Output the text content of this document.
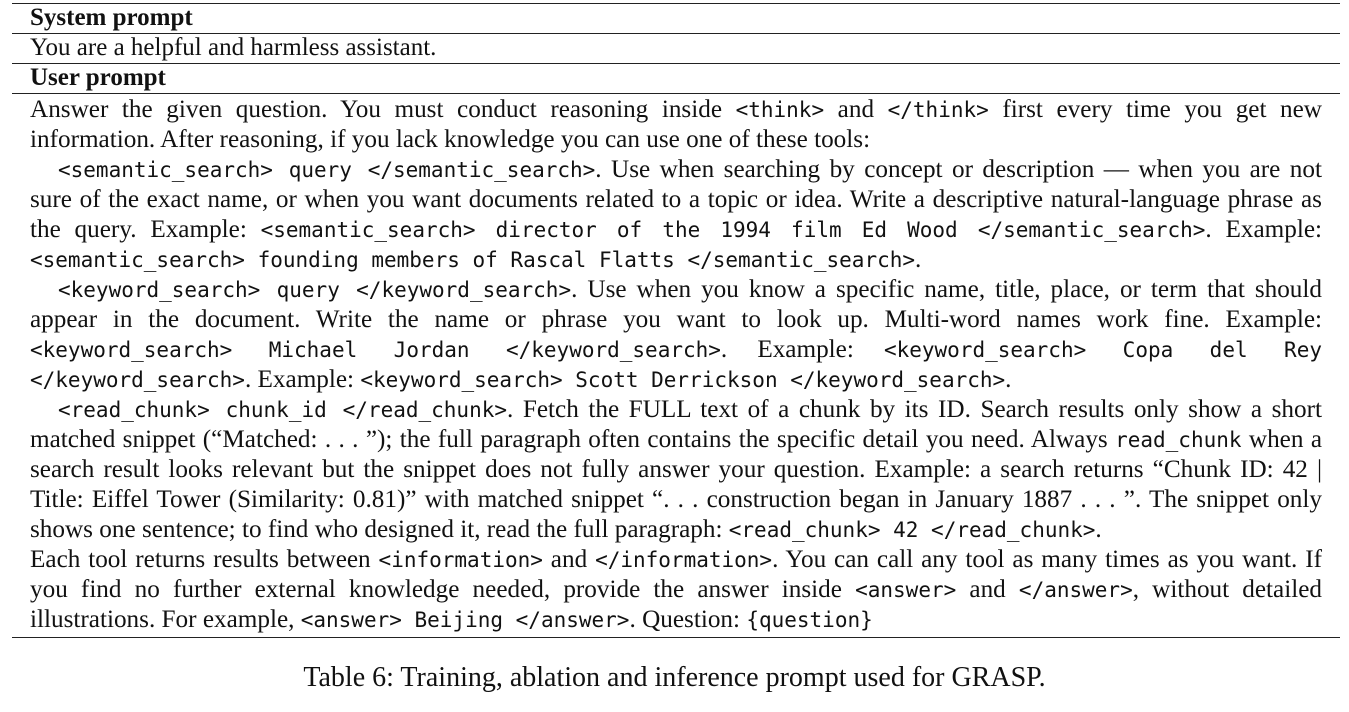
System prompt
You are a helpful and harmless assistant.
User prompt

Answer the given question. You must conduct reasoning inside <think> and </think> first every time you get new information. After reasoning, if you lack knowledge you can use one of these tools:

<semantic_search> query </semantic_search>. Use when searching by concept or description — when you are not sure of the exact name, or when you want documents related to a topic or idea. Write a descriptive natural-language phrase as the query. Example: <semantic_search> director of the 1994 film Ed Wood </semantic_search>. Example: <semantic_search> founding members of Rascal Flatts </semantic_search>.

<keyword_search> query </keyword_search>. Use when you know a specific name, title, place, or term that should appear in the document. Write the name or phrase you want to look up. Multi-word names work fine. Example: <keyword_search> Michael Jordan </keyword_search>. Example: <keyword_search> Copa del Rey </keyword_search>. Example: <keyword_search> Scott Derrickson </keyword_search>.

<read_chunk> chunk_id </read_chunk>. Fetch the FULL text of a chunk by its ID. Search results only show a short matched snippet (“Matched: . . . ”); the full paragraph often contains the specific detail you need. Always read_chunk when a search result looks relevant but the snippet does not fully answer your question. Example: a search returns “Chunk ID: 42 | Title: Eiffel Tower (Similarity: 0.81)” with matched snippet “. . . construction began in January 1887 . . . ”. The snippet only shows one sentence; to find who designed it, read the full paragraph: <read_chunk> 42 </read_chunk>.

Each tool returns results between <information> and </information>. You can call any tool as many times as you want. If you find no further external knowledge needed, provide the answer inside <answer> and </answer>, without detailed illustrations. For example, <answer> Beijing </answer>. Question: {question}

Table 6: Training, ablation and inference prompt used for GRASP.
